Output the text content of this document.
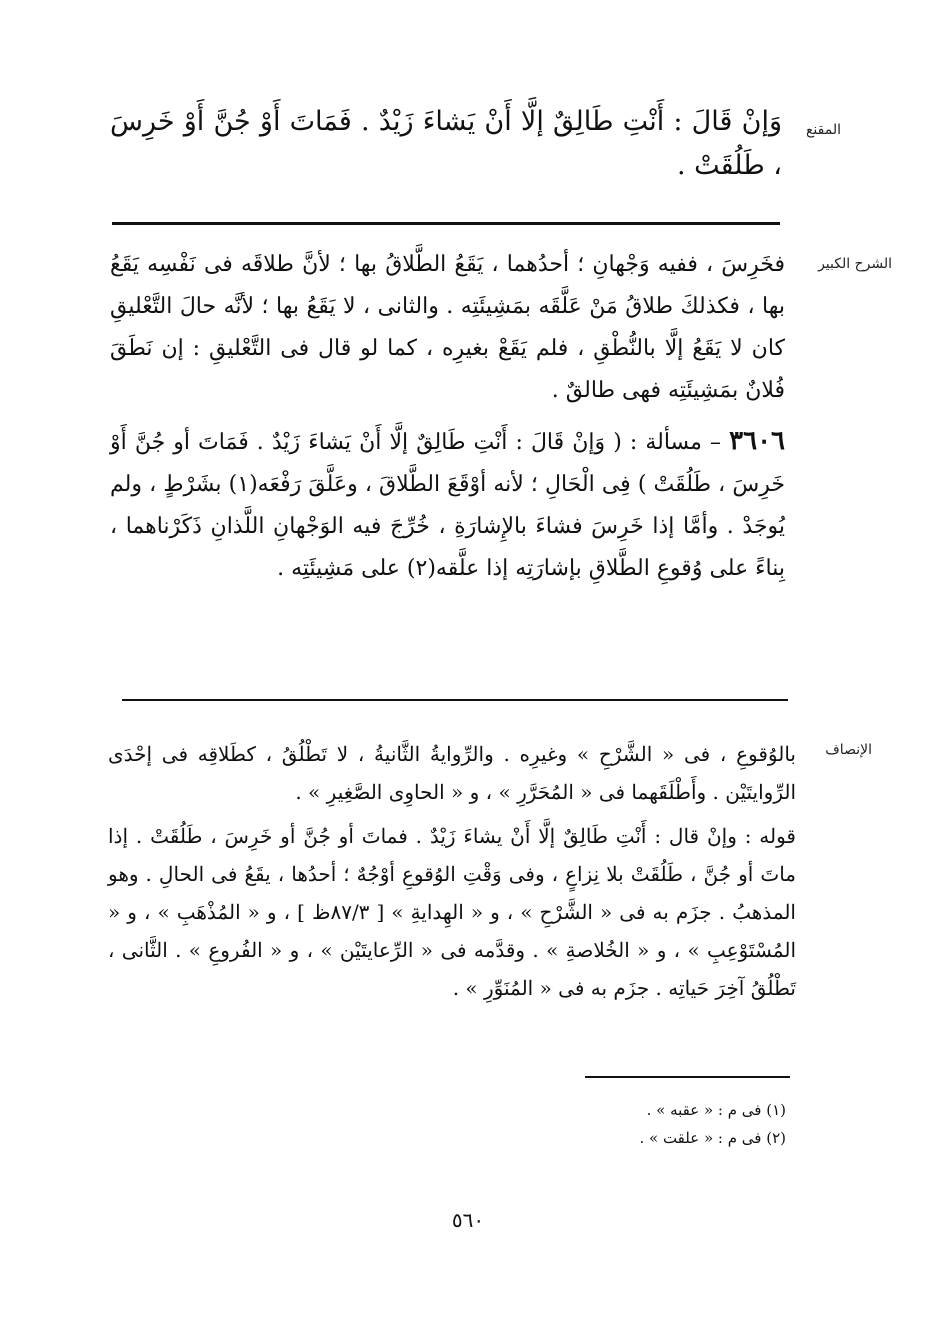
المقنع

وَإنْ قَالَ : أَنْتِ طَالِقٌ إلَّا أَنْ يَشاءَ زَيْدٌ . فَمَاتَ أَوْ جُنَّ أَوْ خَرِسَ ، طَلُقَتْ .

الشرح الكبير

فخَرِسَ ، ففيه وَجْهانِ ؛ أحدُهما ، يَقَعُ الطَّلاقُ بها ؛ لأنَّ طلاقَه فى نَفْسِه يَقَعُ بها ، فكذلكَ طلاقُ مَنْ عَلَّقَه بمَشِيئَتِه . والثانى ، لا يَقَعُ بها ؛ لأنَّه حالَ التَّعْليقِ كان لا يَقَعُ إلَّا بالنُّطْقِ ، فلم يَقَعْ بغيرِه ، كما لو قال فى التَّعْليقِ : إن نَطَقَ فُلانٌ بمَشِيئَتِه فهى طالقٌ .

٣٦٠٦ – مسألة : ( وَإنْ قَالَ : أَنْتِ طَالِقٌ إلَّا أَنْ يَشاءَ زَيْدٌ . فَمَاتَ أو جُنَّ أَوْ خَرِسَ ، طَلُقَتْ ) فِى الْحَالِ ؛ لأنه أوْقَعَ الطَّلاقَ ، وعَلَّقَ رَفْعَه(١) بشَرْطٍ ، ولم يُوجَدْ . وأمَّا إذا خَرِسَ فشاءَ بالإِشارَةِ ، خُرِّجَ فيه الوَجْهانِ اللَّذانِ ذَكَرْناهما ، بِناءً على وُقوعِ الطَّلاقِ بإشارَتِه إذا علَّقه(٢) على مَشِيئَتِه .

الإنصاف

بالوُقوعِ ، فى « الشَّرْحِ » وغيرِه . والرِّوايةُ الثَّانيةُ ، لا تَطْلُقُ ، كطَلاقِه فى إحْدَى الرِّوايتَيْن . وأَطْلَقَهما فى « المُحَرَّرِ » ، و « الحاوِى الصَّغِيرِ » .

قوله : وإنْ قال : أَنْتِ طَالِقٌ إلَّا أَنْ يشاءَ زَيْدٌ . فماتَ أو جُنَّ أو خَرِسَ ، طَلُقَتْ . إذا ماتَ أو جُنَّ ، طَلُقَتْ بلا نِزاعٍ ، وفى وَقْتِ الوُقوعِ أوْجُهٌ ؛ أحدُها ، يقَعُ فى الحالِ . وهو المذهبُ . جزَم به فى « الشَّرْحِ » ، و « الهِدايةِ » [ ٨٧/٣ظ ] ، و « المُذْهَبِ » ، و « المُسْتَوْعِبِ » ، و « الخُلاصةِ » . وقدَّمه فى « الرِّعايتَيْن » ، و « الفُروعِ » . الثَّانى ، تَطْلُقُ آخِرَ حَياتِه . جزَم به فى « المُنَوِّرِ » .

(١) فى م : « عقبه » .
(٢) فى م : « علقت » .
٥٦٠
